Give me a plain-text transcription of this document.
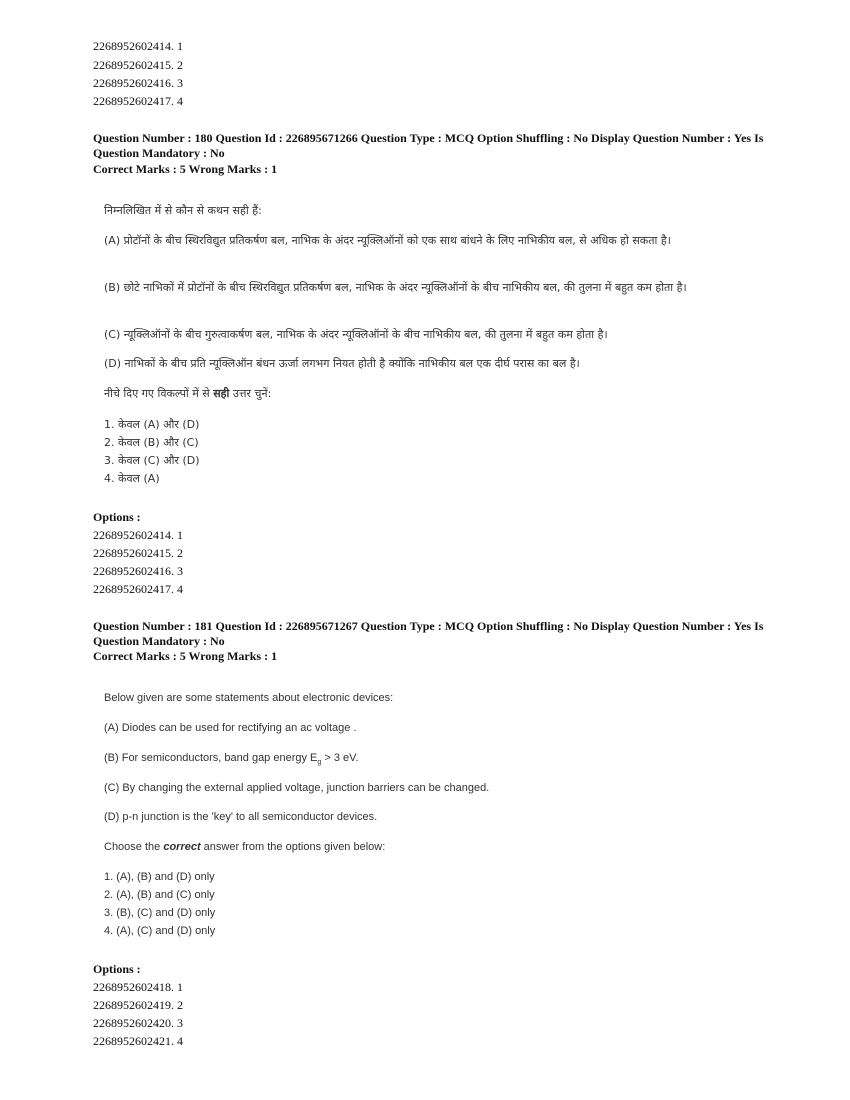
2268952602414. 1
2268952602415. 2
2268952602416. 3
2268952602417. 4
Question Number : 180 Question Id : 226895671266 Question Type : MCQ Option Shuffling : No Display Question Number : Yes Is Question Mandatory : No
Correct Marks : 5 Wrong Marks : 1
निम्नलिखित में से कौन से कथन सही हैं:
(A) प्रोटॉनों के बीच स्थिरविद्युत प्रतिकर्षण बल, नाभिक के अंदर न्यूक्लिऑनों को एक साथ बांधने के लिए नाभिकीय बल, से अधिक हो सकता है।
(B) छोटे नाभिकों में प्रोटॉनों के बीच स्थिरविद्युत प्रतिकर्षण बल, नाभिक के अंदर न्यूक्लिऑनों के बीच नाभिकीय बल, की तुलना में बहुत कम होता है।
(C) न्यूक्लिऑनों के बीच गुरुत्वाकर्षण बल, नाभिक के अंदर न्यूक्लिऑनों के बीच नाभिकीय बल, की तुलना में बहुत कम होता है।
(D) नाभिकों के बीच प्रति न्यूक्लिऑन बंधन ऊर्जा लगभग नियत होती है क्योंकि नाभिकीय बल एक दीर्घ परास का बल है।
नीचे दिए गए विकल्पों में से सही उत्तर चुनें:
1. केवल (A) और (D)
2. केवल (B) और (C)
3. केवल (C) और (D)
4. केवल (A)
Options :
2268952602414. 1
2268952602415. 2
2268952602416. 3
2268952602417. 4
Question Number : 181 Question Id : 226895671267 Question Type : MCQ Option Shuffling : No Display Question Number : Yes Is Question Mandatory : No
Correct Marks : 5 Wrong Marks : 1
Below given are some statements about electronic devices:
(A) Diodes can be used for rectifying an ac voltage .
(B) For semiconductors, band gap energy $E_g > 3$ eV.
(C) By changing the external applied voltage, junction barriers can be changed.
(D) p-n junction is the 'key' to all semiconductor devices.
Choose the correct answer from the options given below:
1. (A), (B) and (D) only
2. (A), (B) and (C) only
3. (B), (C) and (D) only
4. (A), (C) and (D) only
Options :
2268952602418. 1
2268952602419. 2
2268952602420. 3
2268952602421. 4
